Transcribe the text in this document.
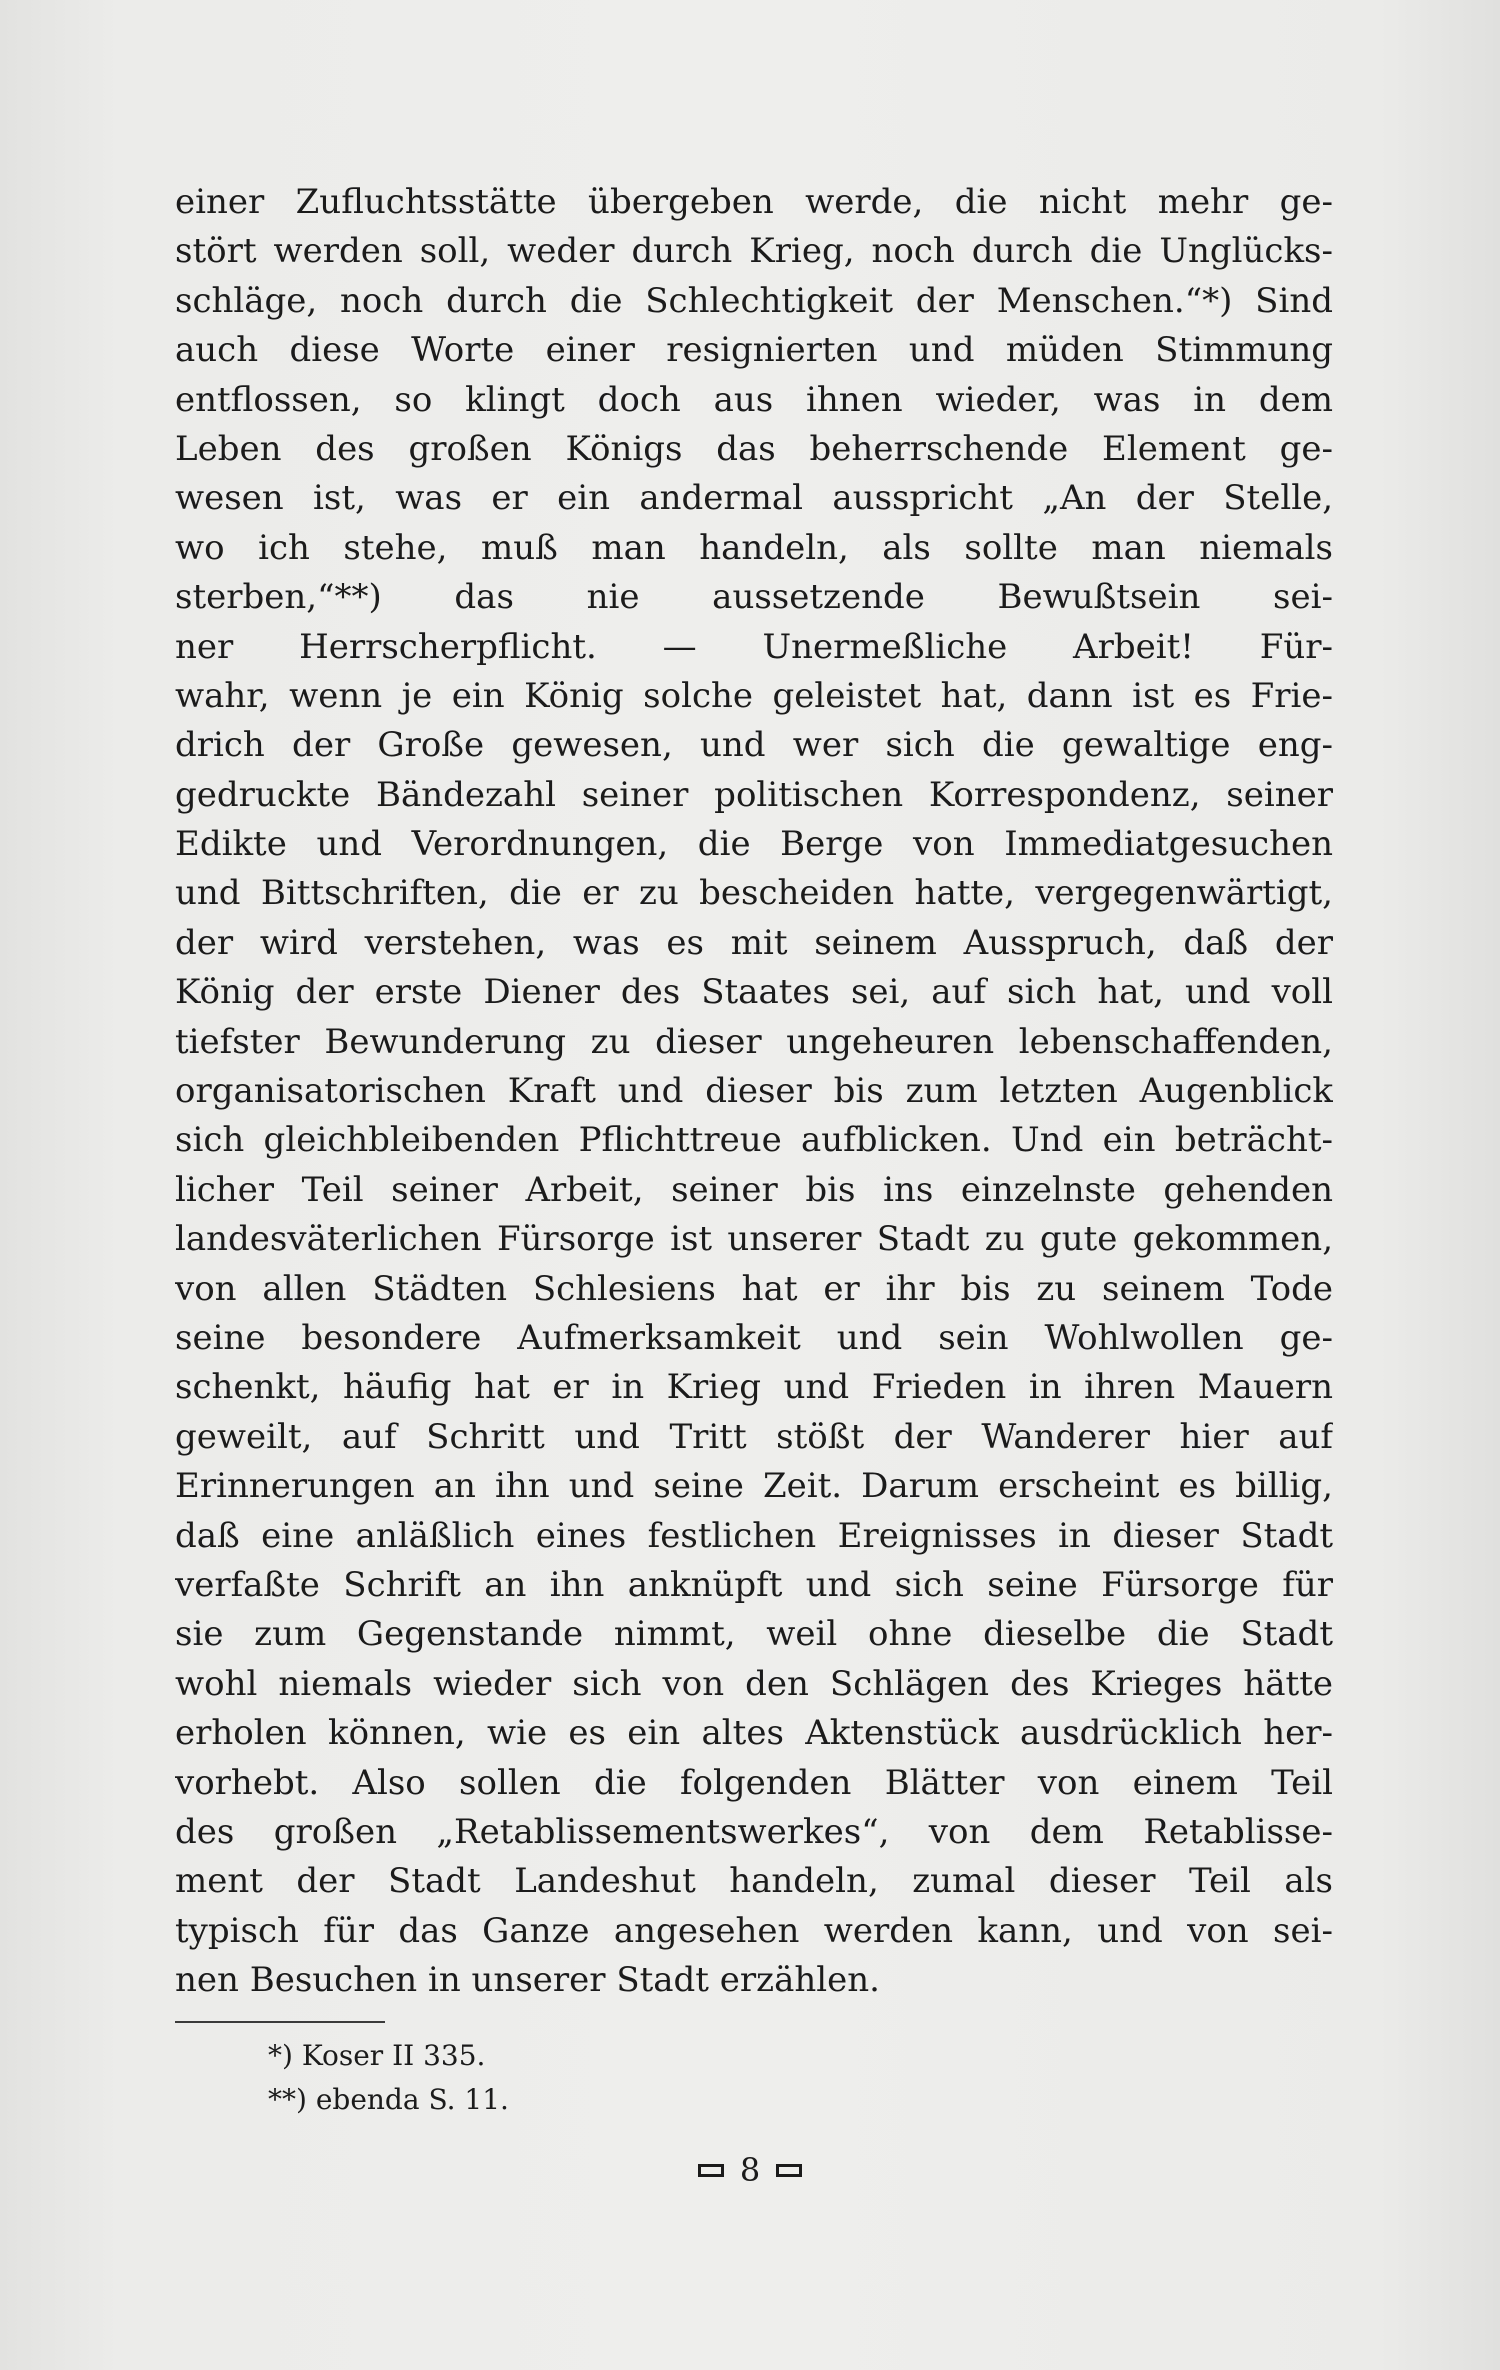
einer Zufluchtsstätte übergeben werde, die nicht mehr ge-
stört werden soll, weder durch Krieg, noch durch die Unglücks-
schläge, noch durch die Schlechtigkeit der Menschen.“*) Sind
auch diese Worte einer resignierten und müden Stimmung
entflossen, so klingt doch aus ihnen wieder, was in dem
Leben des großen Königs das beherrschende Element ge-
wesen ist, was er ein andermal ausspricht „An der Stelle,
wo ich stehe, muß man handeln, als sollte man niemals
sterben,“**) das nie aussetzende Bewußtsein sei-
ner Herrscherpflicht. — Unermeßliche Arbeit! Für-
wahr, wenn je ein König solche geleistet hat, dann ist es Frie-
drich der Große gewesen, und wer sich die gewaltige eng-
gedruckte Bändezahl seiner politischen Korrespondenz, seiner
Edikte und Verordnungen, die Berge von Immediatgesuchen
und Bittschriften, die er zu bescheiden hatte, vergegenwärtigt,
der wird verstehen, was es mit seinem Ausspruch, daß der
König der erste Diener des Staates sei, auf sich hat, und voll
tiefster Bewunderung zu dieser ungeheuren lebenschaffenden,
organisatorischen Kraft und dieser bis zum letzten Augenblick
sich gleichbleibenden Pflichttreue aufblicken. Und ein beträcht-
licher Teil seiner Arbeit, seiner bis ins einzelnste gehenden
landesväterlichen Fürsorge ist unserer Stadt zu gute gekommen,
von allen Städten Schlesiens hat er ihr bis zu seinem Tode
seine besondere Aufmerksamkeit und sein Wohlwollen ge-
schenkt, häufig hat er in Krieg und Frieden in ihren Mauern
geweilt, auf Schritt und Tritt stößt der Wanderer hier auf
Erinnerungen an ihn und seine Zeit. Darum erscheint es billig,
daß eine anläßlich eines festlichen Ereignisses in dieser Stadt
verfaßte Schrift an ihn anknüpft und sich seine Fürsorge für
sie zum Gegenstande nimmt, weil ohne dieselbe die Stadt
wohl niemals wieder sich von den Schlägen des Krieges hätte
erholen können, wie es ein altes Aktenstück ausdrücklich her-
vorhebt. Also sollen die folgenden Blätter von einem Teil
des großen „Retablissementswerkes“, von dem Retablisse-
ment der Stadt Landeshut handeln, zumal dieser Teil als
typisch für das Ganze angesehen werden kann, und von sei-
nen Besuchen in unserer Stadt erzählen.
*) Koser II 335.
**) ebenda S. 11.
8
